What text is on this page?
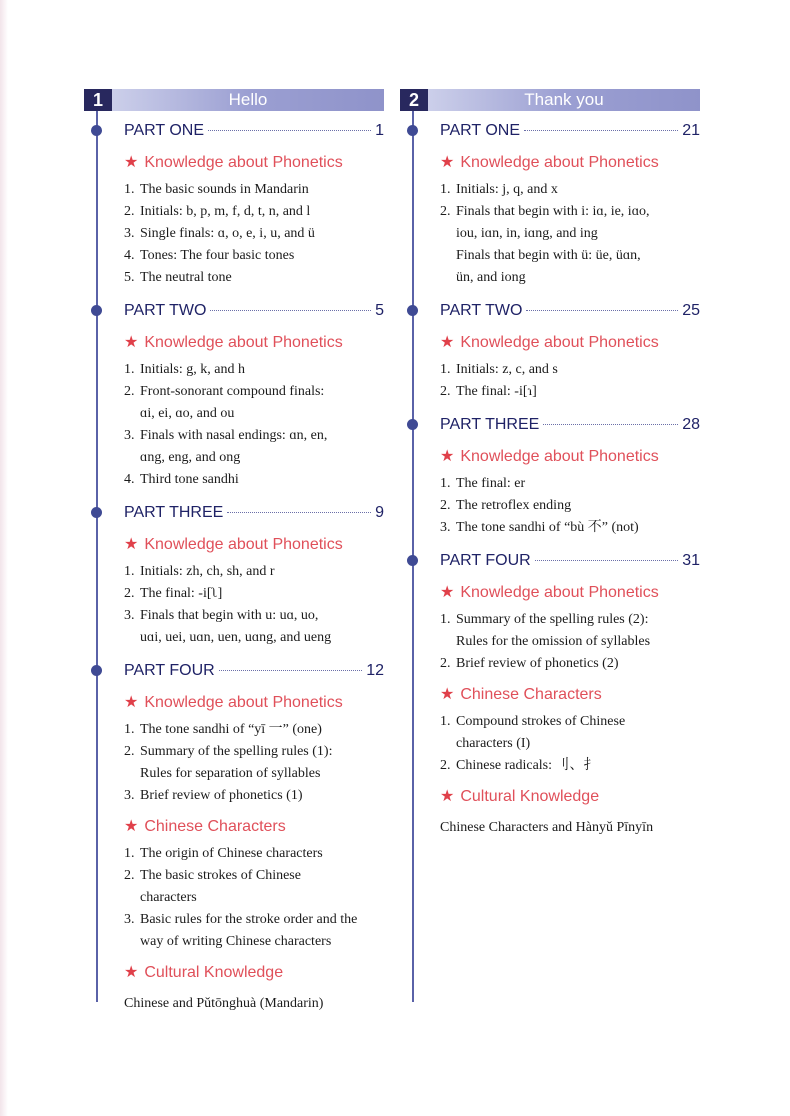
1	Hello
PART ONE	1
★ Knowledge about Phonetics
1. The basic sounds in Mandarin
2. Initials: b, p, m, f, d, t, n, and l
3. Single finals: ɑ, o, e, i, u, and ü
4. Tones: The four basic tones
5. The neutral tone
PART TWO	5
★ Knowledge about Phonetics
1. Initials: g, k, and h
2. Front-sonorant compound finals:
ɑi, ei, ɑo, and ou
3. Finals with nasal endings: ɑn, en,
ɑng, eng, and ong
4. Third tone sandhi
PART THREE	9
★ Knowledge about Phonetics
1. Initials: zh, ch, sh, and r
2. The final: -i[ʅ]
3. Finals that begin with u: uɑ, uo,
uɑi, uei, uɑn, uen, uɑng, and ueng
PART FOUR	12
★ Knowledge about Phonetics
1. The tone sandhi of “yī 一” (one)
2. Summary of the spelling rules (1):
Rules for separation of syllables
3. Brief review of phonetics (1)
★ Chinese Characters
1. The origin of Chinese characters
2. The basic strokes of Chinese
characters
3. Basic rules for the stroke order and the
way of writing Chinese characters
★ Cultural Knowledge
Chinese and Pǔtōnghuà (Mandarin)
2	Thank you
PART ONE	21
★ Knowledge about Phonetics
1. Initials: j, q, and x
2. Finals that begin with i: iɑ, ie, iɑo,
iou, iɑn, in, iɑng, and ing
Finals that begin with ü: üe, üɑn,
ün, and iong
PART TWO	25
★ Knowledge about Phonetics
1. Initials: z, c, and s
2. The final: -i[ɿ]
PART THREE	28
★ Knowledge about Phonetics
1. The final: er
2. The retroflex ending
3. The tone sandhi of “bù 不” (not)
PART FOUR	31
★ Knowledge about Phonetics
1. Summary of the spelling rules (2):
Rules for the omission of syllables
2. Brief review of phonetics (2)
★ Chinese Characters
1. Compound strokes of Chinese
characters (I)
2. Chinese radicals: 刂、扌
★ Cultural Knowledge
Chinese Characters and Hànyǔ Pīnyīn
